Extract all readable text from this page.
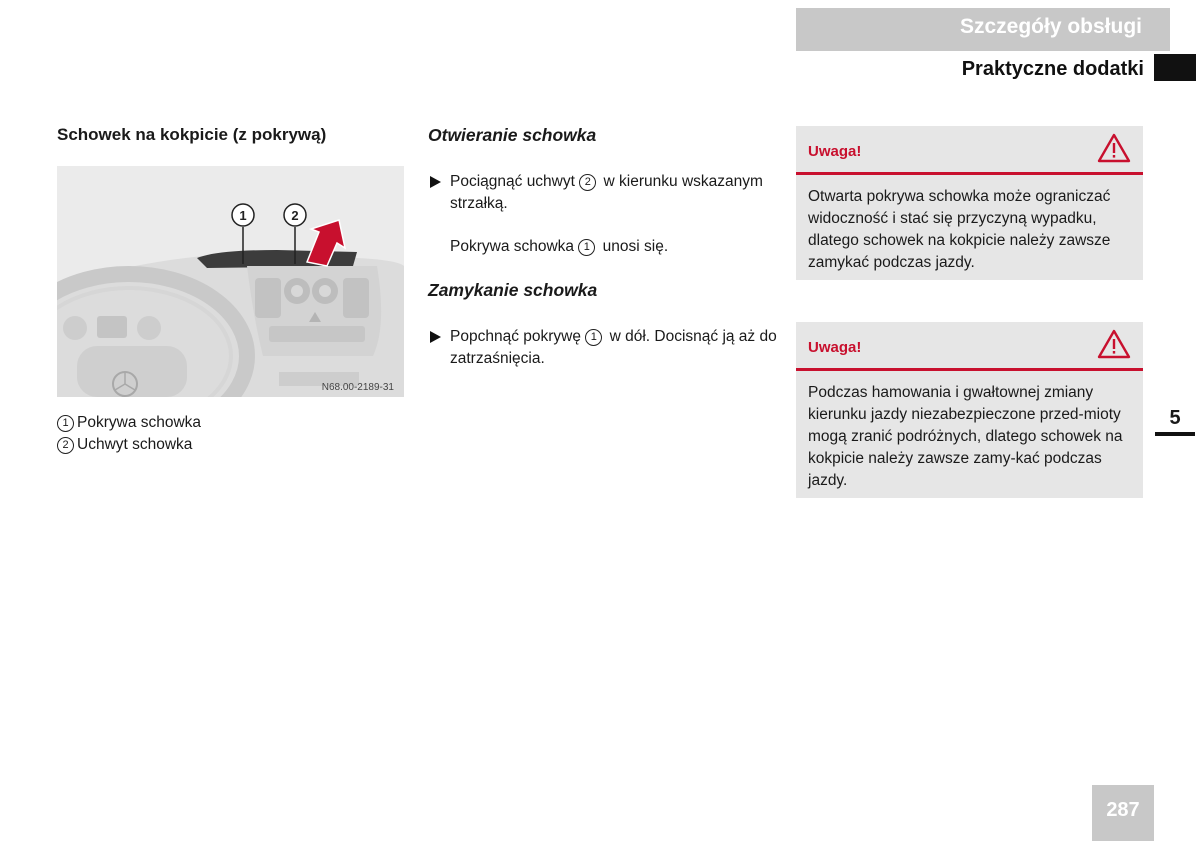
Szczegóły obsługi
Praktyczne dodatki
Schowek na kokpicie (z pokrywą)
1	2
N68.00-2189-31
1 Pokrywa schowka
2 Uchwyt schowka
Otwieranie schowka
Pociągnąć uchwyt 2 w kierunku wskazanym strzałką.
Pokrywa schowka 1 unosi się.
Zamykanie schowka
Popchnąć pokrywę 1 w dół. Docisnąć ją aż do zatrzaśnięcia.
Uwaga!
Otwarta pokrywa schowka może ograniczać widoczność i stać się przyczyną wypadku, dlatego schowek na kokpicie należy zawsze zamykać podczas jazdy.
Uwaga!
Podczas hamowania i gwałtownej zmiany kierunku jazdy niezabezpieczone przed-mioty mogą zranić podróżnych, dlatego schowek na kokpicie należy zawsze zamy-kać podczas jazdy.
5
287
